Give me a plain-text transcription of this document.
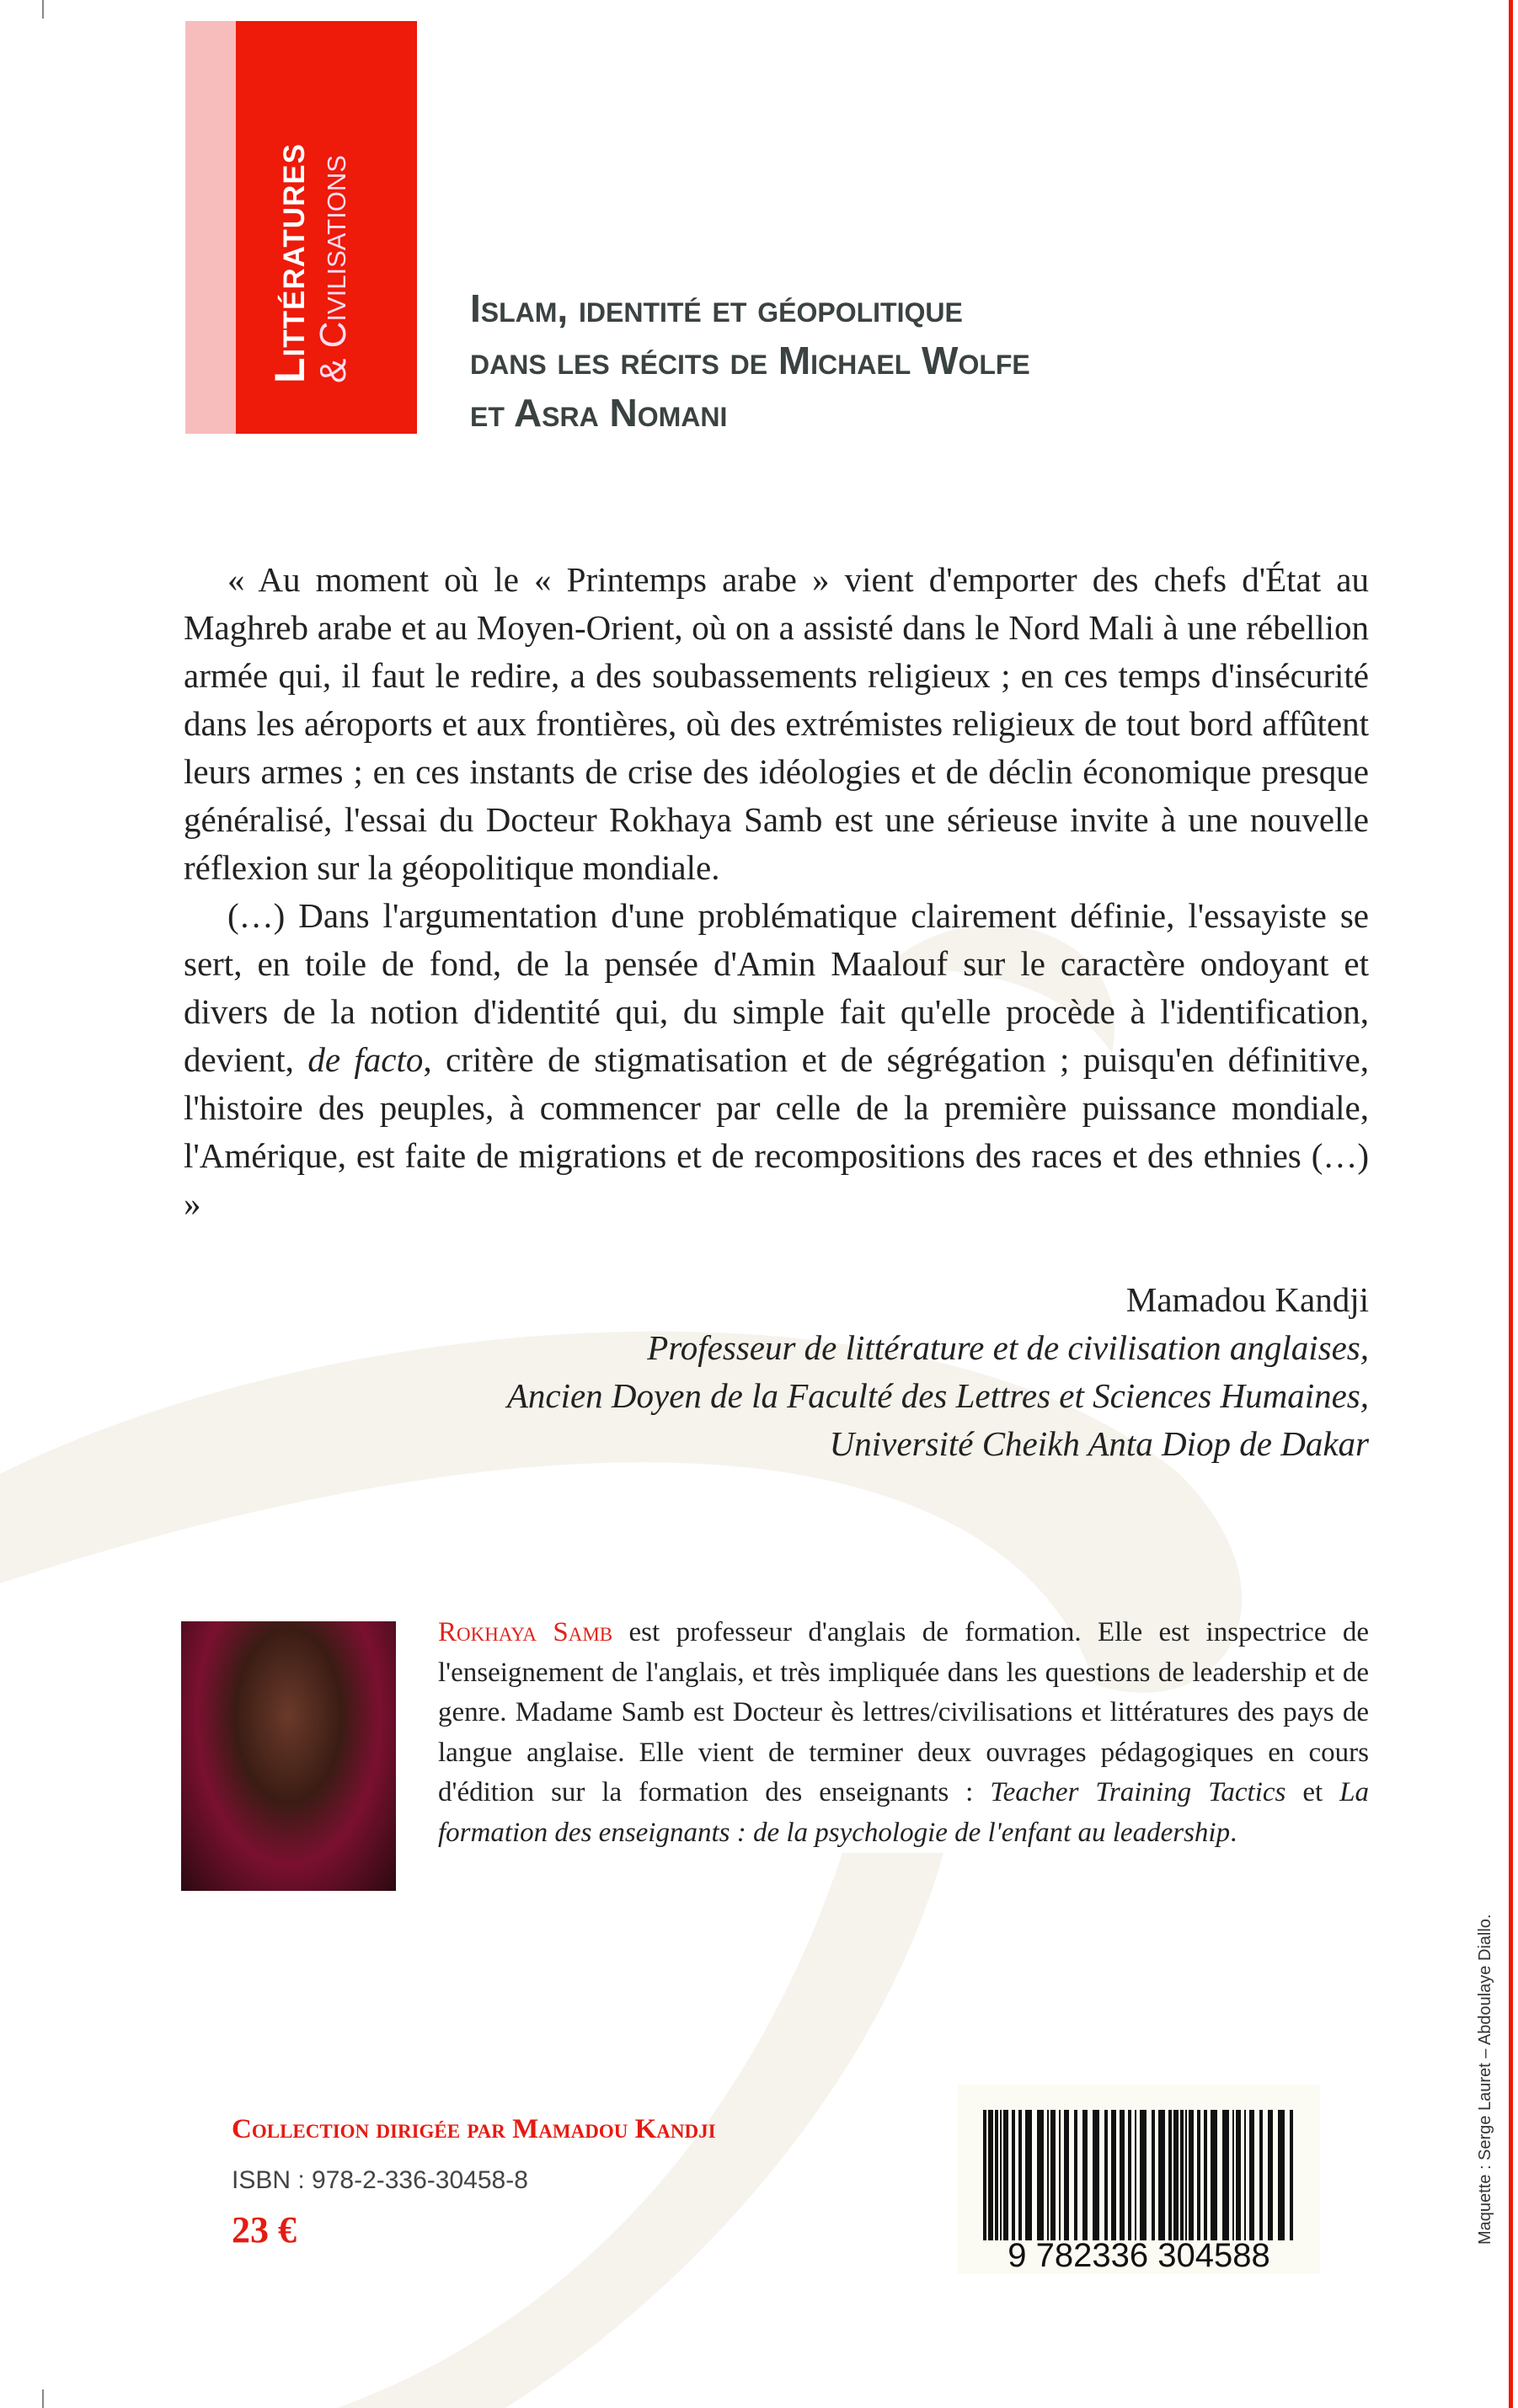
Littératures & Civilisations	Islam, identité et géopolitique
dans les récits de Michael Wolfe
et Asra Nomani

« Au moment où le « Printemps arabe » vient d'emporter des chefs d'État au Maghreb arabe et au Moyen-Orient, où on a assisté dans le Nord Mali à une rébellion armée qui, il faut le redire, a des soubassements religieux ; en ces temps d'insécurité dans les aéroports et aux frontières, où des extrémistes religieux de tout bord affûtent leurs armes ; en ces instants de crise des idéologies et de déclin économique presque généralisé, l'essai du Docteur Rokhaya Samb est une sérieuse invite à une nouvelle réflexion sur la géopolitique mondiale.

(…) Dans l'argumentation d'une problématique clairement définie, l'essayiste se sert, en toile de fond, de la pensée d'Amin Maalouf sur le caractère ondoyant et divers de la notion d'identité qui, du simple fait qu'elle procède à l'identification, devient, de facto, critère de stigmatisation et de ségrégation ; puisqu'en définitive, l'histoire des peuples, à commencer par celle de la première puissance mondiale, l'Amérique, est faite de migrations et de recompositions des races et des ethnies (…) »

Mamadou Kandji
Professeur de littérature et de civilisation anglaises,
Ancien Doyen de la Faculté des Lettres et Sciences Humaines,
Université Cheikh Anta Diop de Dakar
Rokhaya Samb est professeur d'anglais de formation. Elle est inspectrice de l'enseignement de l'anglais, et très impliquée dans les questions de leadership et de genre. Madame Samb est Docteur ès lettres/civilisations et littératures des pays de langue anglaise. Elle vient de terminer deux ouvrages pédagogiques en cours d'édition sur la formation des enseignants : Teacher Training Tactics et La formation des enseignants : de la psychologie de l'enfant au leadership.
Collection dirigée par Mamadou Kandji
ISBN : 978-2-336-30458-8
23 €
9 782336 304588
Maquette : Serge Lauret – Abdoulaye Diallo.
